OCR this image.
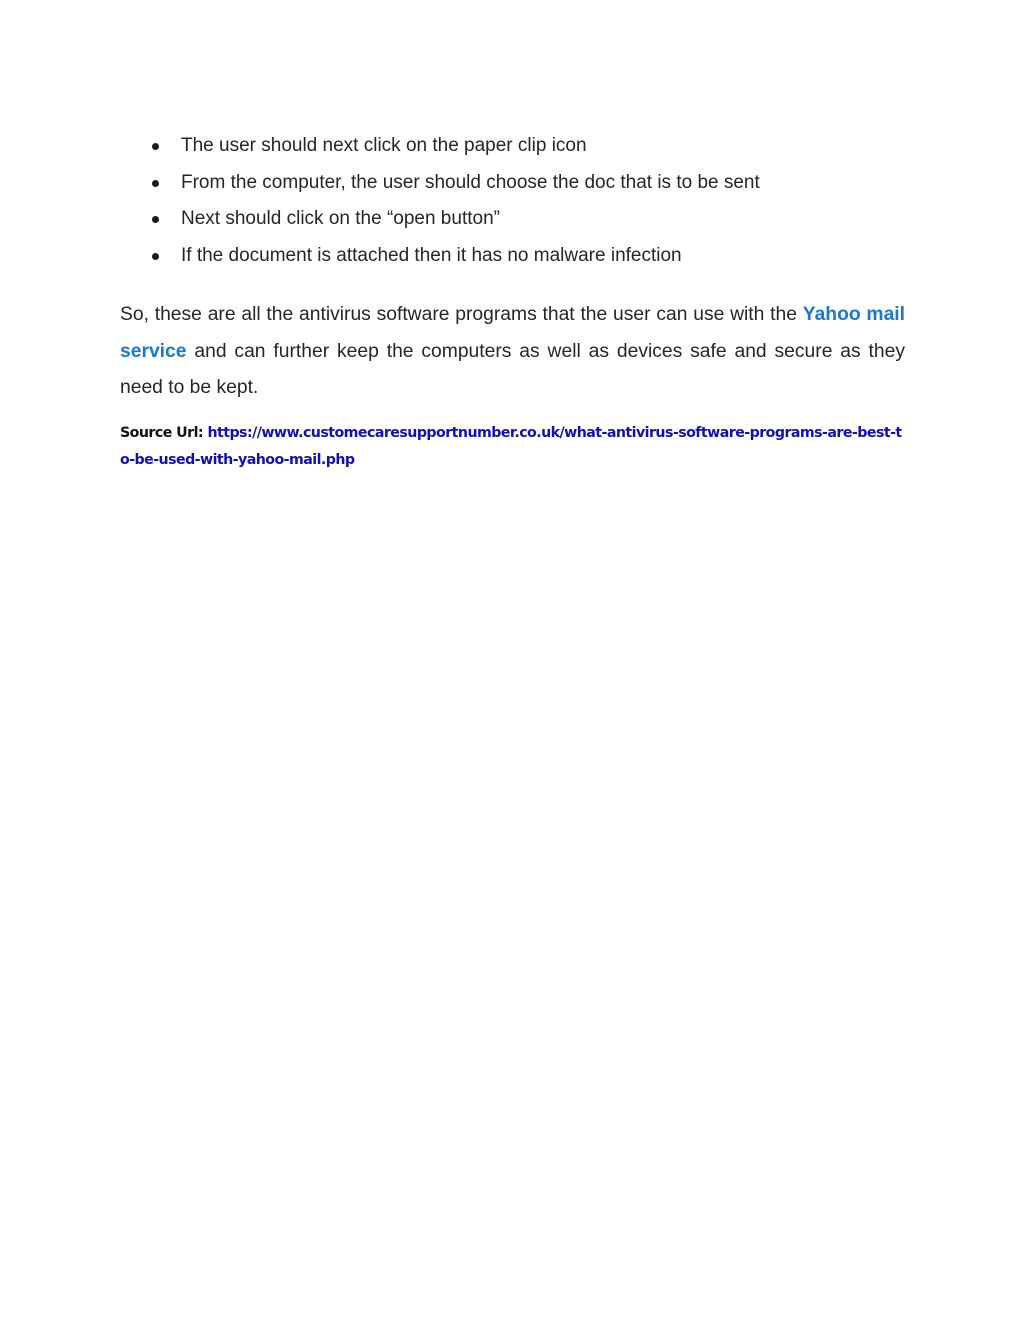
The user should next click on the paper clip icon
From the computer, the user should choose the doc that is to be sent
Next should click on the “open button”
If the document is attached then it has no malware infection

So, these are all the antivirus software programs that the user can use with the Yahoo mail service and can further keep the computers as well as devices safe and secure as they need to be kept.

Source Url: https://www.customecaresupportnumber.co.uk/what-antivirus-software-programs-are-best-to-be-used-with-yahoo-mail.php
